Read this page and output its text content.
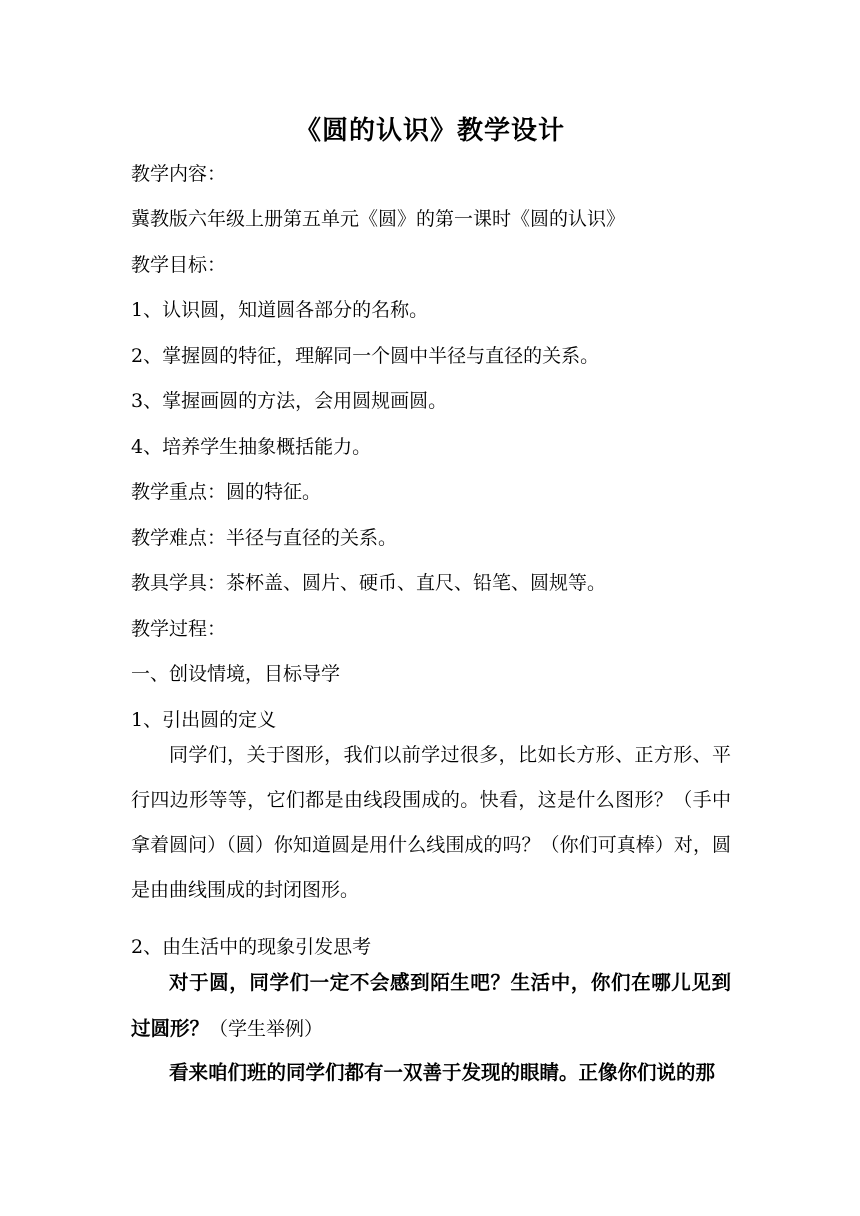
《圆的认识》教学设计
教学内容：
冀教版六年级上册第五单元《圆》的第一课时《圆的认识》
教学目标：
1、认识圆，知道圆各部分的名称。
2、掌握圆的特征，理解同一个圆中半径与直径的关系。
3、掌握画圆的方法，会用圆规画圆。
4、培养学生抽象概括能力。
教学重点：圆的特征。
教学难点：半径与直径的关系。
教具学具：茶杯盖、圆片、硬币、直尺、铅笔、圆规等。
教学过程：
一、创设情境，目标导学
1、引出圆的定义
同学们，关于图形，我们以前学过很多，比如长方形、正方形、平行四边形等等，它们都是由线段围成的。快看，这是什么图形？（手中拿着圆问）（圆）你知道圆是用什么线围成的吗？（你们可真棒）对，圆是由曲线围成的封闭图形。
2、由生活中的现象引发思考
对于圆，同学们一定不会感到陌生吧？生活中，你们在哪儿见到过圆形？（学生举例）
看来咱们班的同学们都有一双善于发现的眼睛。正像你们说的那
